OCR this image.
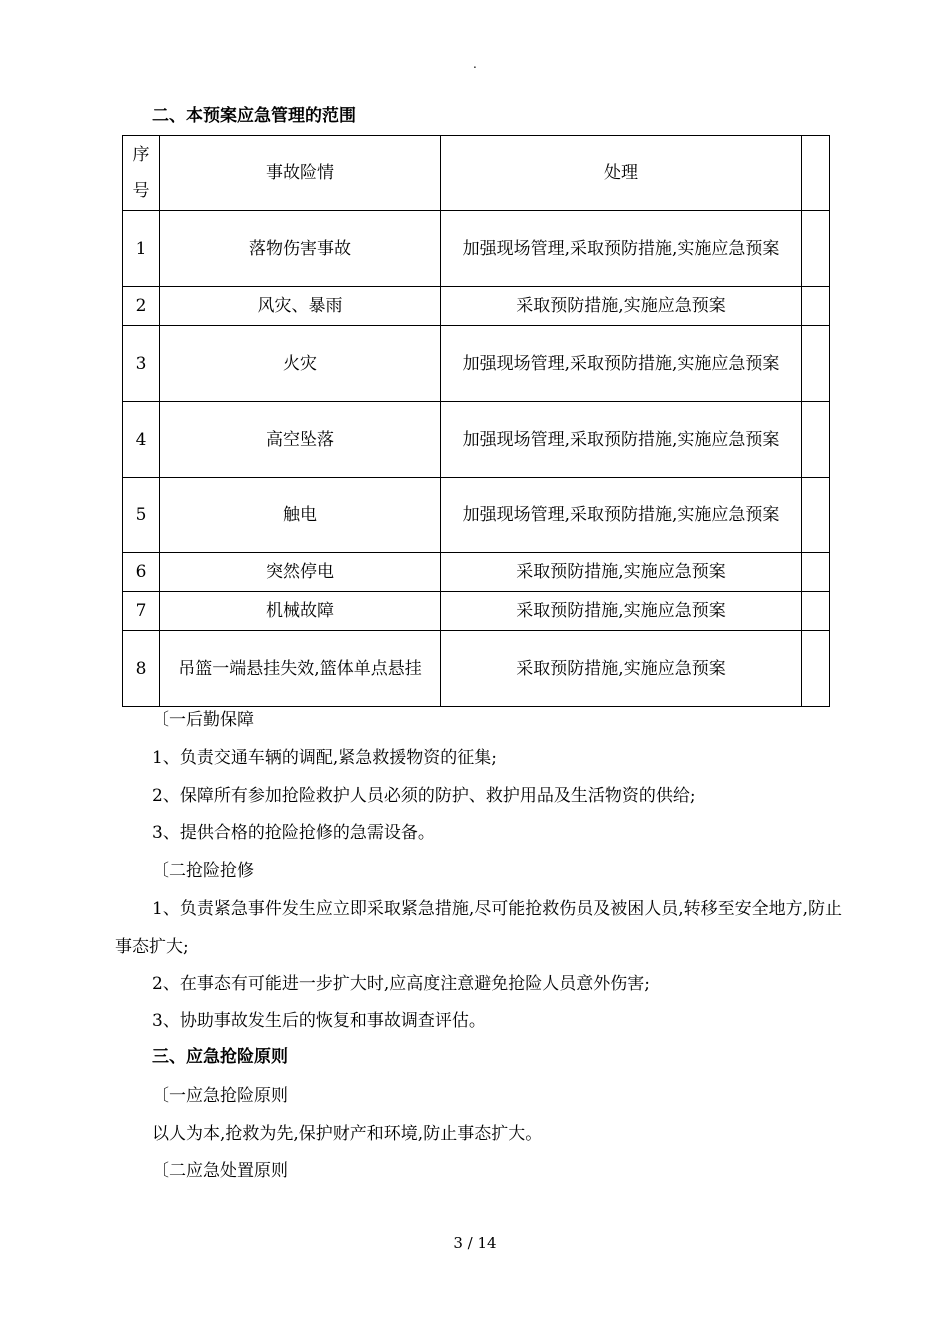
.
二、本预案应急管理的范围
序号	事故险情	处理	
1	落物伤害事故	加强现场管理,采取预防措施,实施应急预案	
2	风灾、暴雨	采取预防措施,实施应急预案	
3	火灾	加强现场管理,采取预防措施,实施应急预案	
4	高空坠落	加强现场管理,采取预防措施,实施应急预案	
5	触电	加强现场管理,采取预防措施,实施应急预案	
6	突然停电	采取预防措施,实施应急预案	
7	机械故障	采取预防措施,实施应急预案	
8	吊篮一端悬挂失效,篮体单点悬挂	采取预防措施,实施应急预案	
〔一后勤保障
1、负责交通车辆的调配,紧急救援物资的征集;
2、保障所有参加抢险救护人员必须的防护、救护用品及生活物资的供给;
3、提供合格的抢险抢修的急需设备。
〔二抢险抢修
1、负责紧急事件发生应立即采取紧急措施,尽可能抢救伤员及被困人员,转移至安全地方,防止事态扩大;
2、在事态有可能进一步扩大时,应高度注意避免抢险人员意外伤害;
3、协助事故发生后的恢复和事故调查评估。
三、应急抢险原则
〔一应急抢险原则
以人为本,抢救为先,保护财产和环境,防止事态扩大。
〔二应急处置原则
3 / 14
